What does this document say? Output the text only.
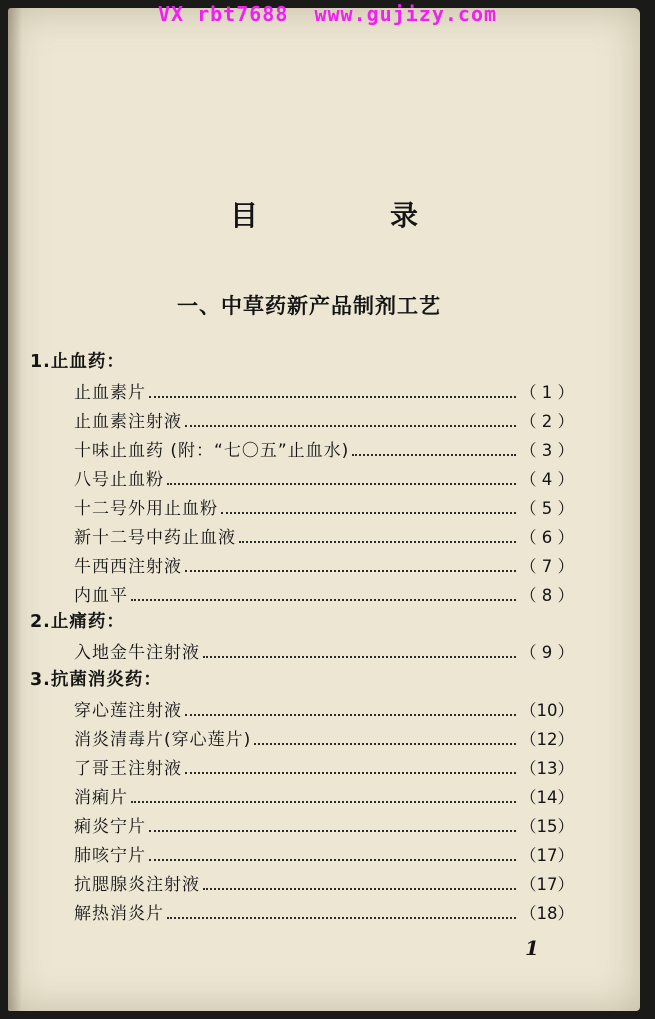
VX rbt7688  www.gujizy.com
目　录
一、中草药新产品制剂工艺
1.止血药：
止血素片	（ 1 ）
止血素注射液	（ 2 ）
十味止血药 (附：“七〇五”止血水)	（ 3 ）
八号止血粉	（ 4 ）
十二号外用止血粉	（ 5 ）
新十二号中药止血液	（ 6 ）
牛西西注射液	（ 7 ）
内血平	（ 8 ）
2.止痛药：
入地金牛注射液	（ 9 ）
3.抗菌消炎药：
穿心莲注射液	（10）
消炎清毒片(穿心莲片)	（12）
了哥王注射液	（13）
消痢片	（14）
痢炎宁片	（15）
肺咳宁片	（17）
抗腮腺炎注射液	（17）
解热消炎片	（18）
1
